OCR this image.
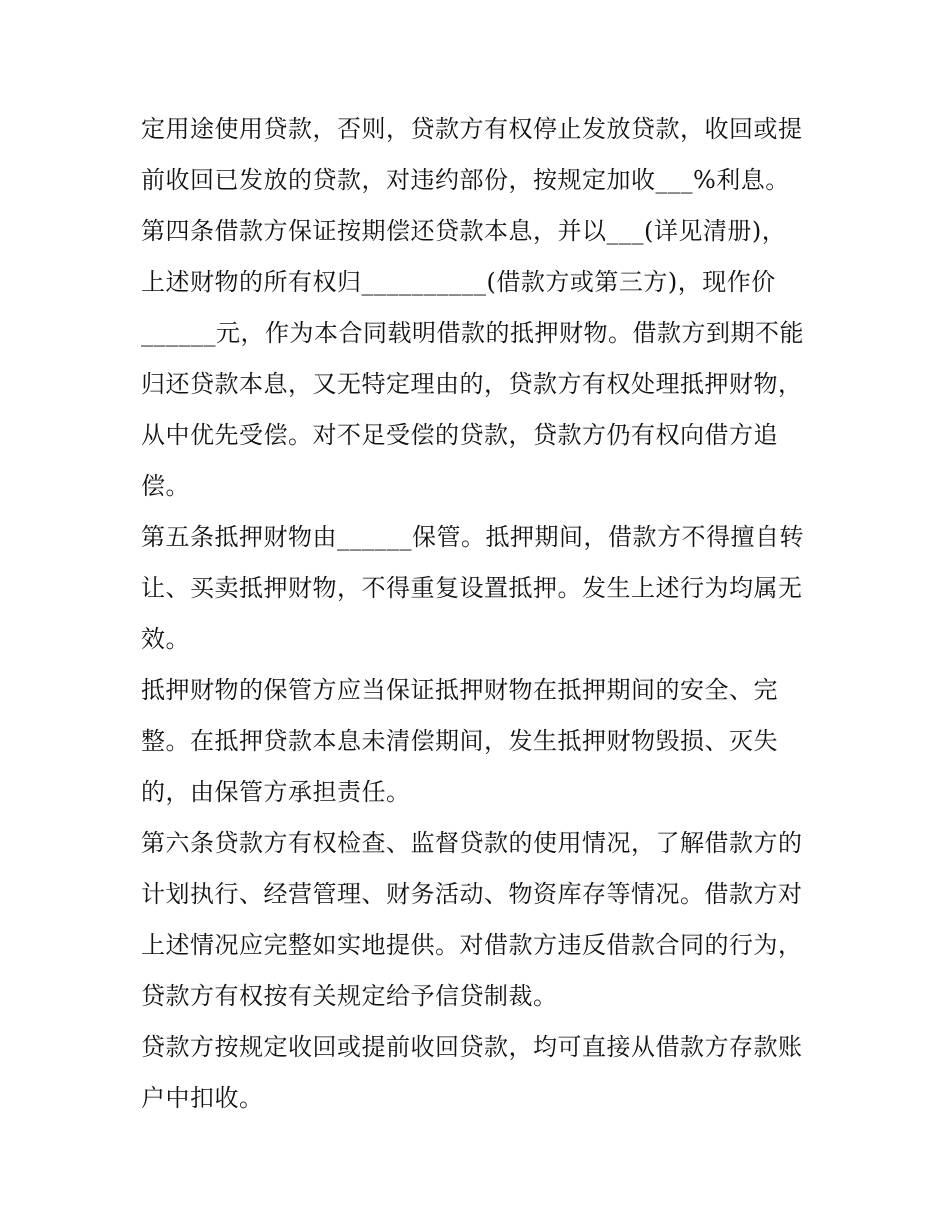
定用途使用贷款，否则，贷款方有权停止发放贷款，收回或提
前收回已发放的贷款，对违约部份，按规定加收___%利息。
第四条借款方保证按期偿还贷款本息，并以___(详见清册)，
上述财物的所有权归__________(借款方或第三方)，现作价
______元，作为本合同载明借款的抵押财物。借款方到期不能
归还贷款本息，又无特定理由的，贷款方有权处理抵押财物，
从中优先受偿。对不足受偿的贷款，贷款方仍有权向借方追
偿。
第五条抵押财物由______保管。抵押期间，借款方不得擅自转
让、买卖抵押财物，不得重复设置抵押。发生上述行为均属无
效。
抵押财物的保管方应当保证抵押财物在抵押期间的安全、完
整。在抵押贷款本息未清偿期间，发生抵押财物毁损、灭失
的，由保管方承担责任。
第六条贷款方有权检查、监督贷款的使用情况，了解借款方的
计划执行、经营管理、财务活动、物资库存等情况。借款方对
上述情况应完整如实地提供。对借款方违反借款合同的行为，
贷款方有权按有关规定给予信贷制裁。
贷款方按规定收回或提前收回贷款，均可直接从借款方存款账
户中扣收。
